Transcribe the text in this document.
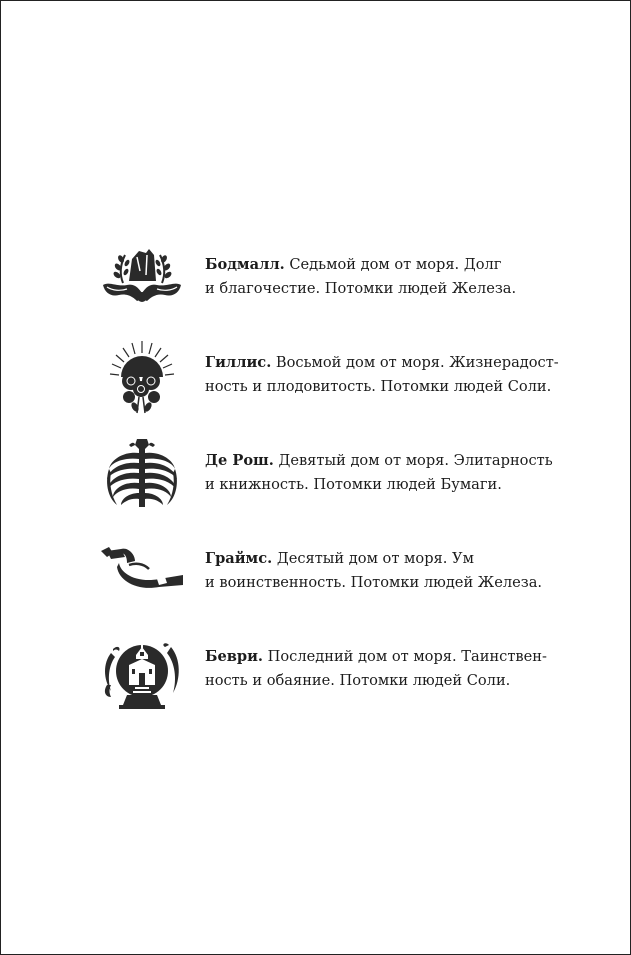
Бодмалл. Седьмой дом от моря. Долг
и благочестие. Потомки людей Железа.
Гиллис. Восьмой дом от моря. Жизнерадост-
ность и плодовитость. Потомки людей Соли.
Де Рош. Девятый дом от моря. Элитарность
и книжность. Потомки людей Бумаги.
Граймс. Десятый дом от моря. Ум
и воинственность. Потомки людей Железа.
Беври. Последний дом от моря. Таинствен-
ность и обаяние. Потомки людей Соли.
